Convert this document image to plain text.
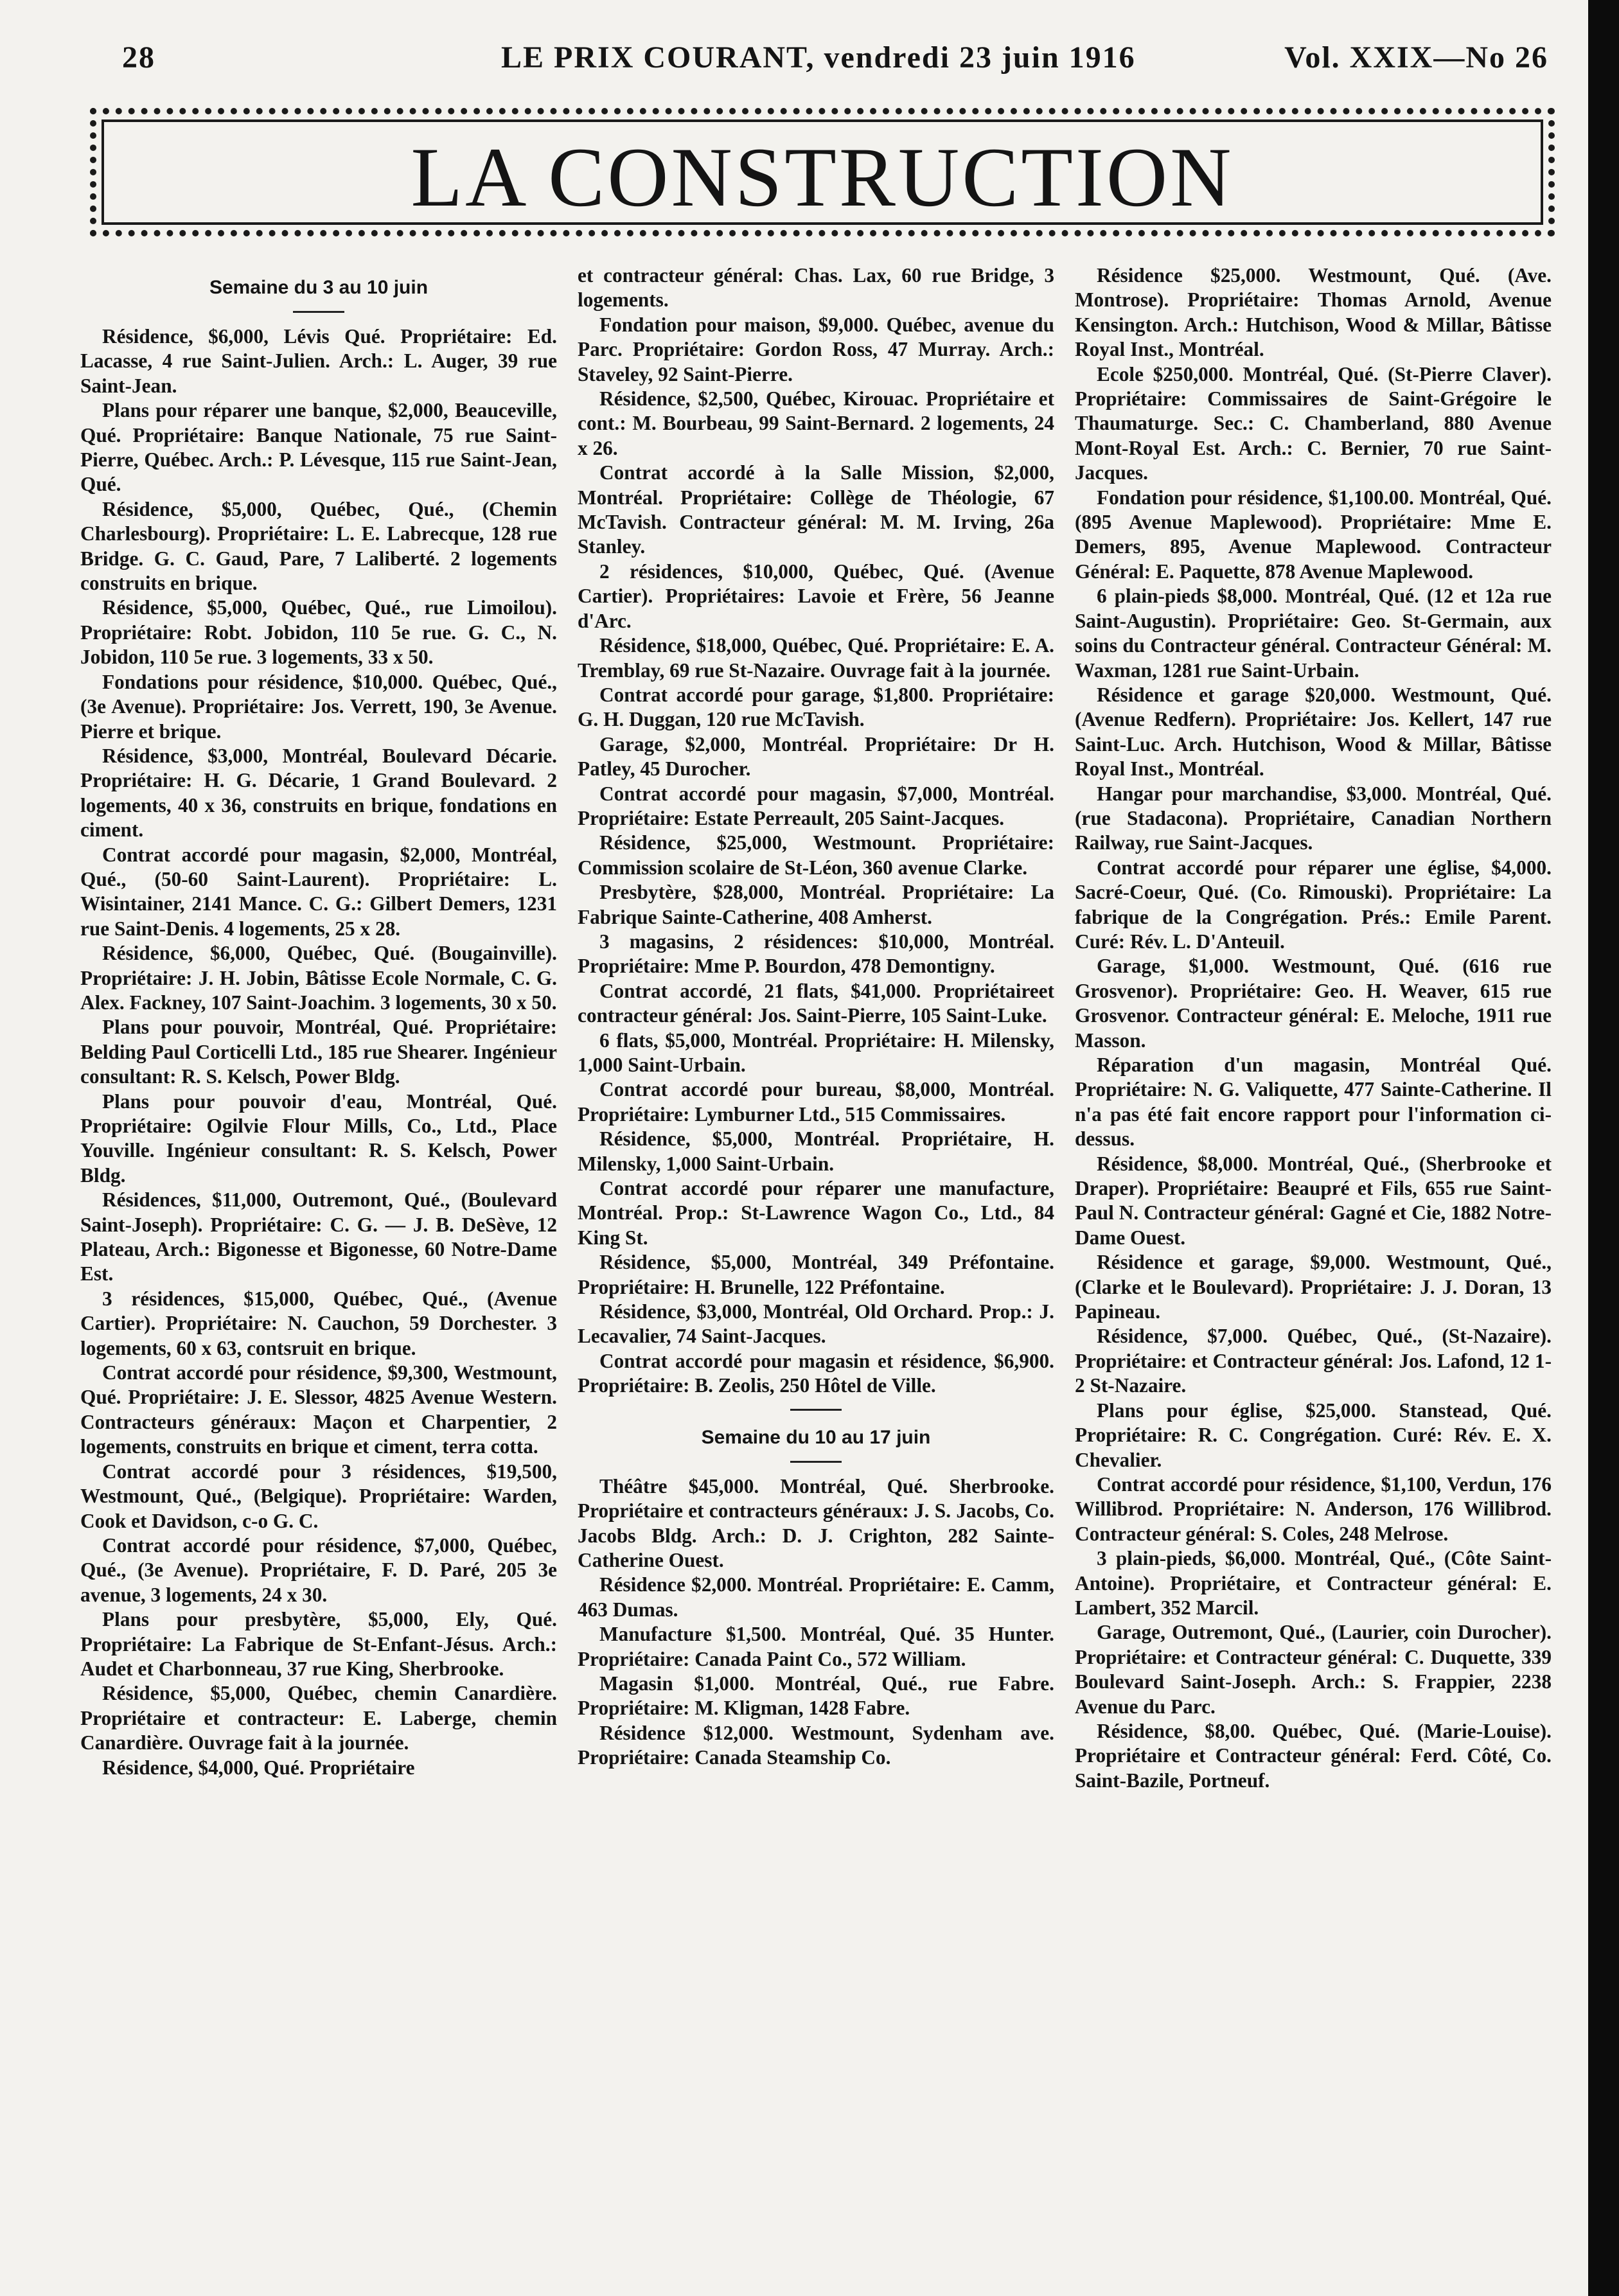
28	LE PRIX COURANT, vendredi 23 juin 1916	Vol. XXIX—No 26
LA CONSTRUCTION
Semaine du 3 au 10 juin

Résidence, $6,000, Lévis Qué. Propriétaire: Ed. Lacasse, 4 rue Saint-Julien. Arch.: L. Auger, 39 rue Saint-Jean.

Plans pour réparer une banque, $2,000, Beauceville, Qué. Propriétaire: Banque Nationale, 75 rue Saint-Pierre, Québec. Arch.: P. Lévesque, 115 rue Saint-Jean, Qué.

Résidence, $5,000, Québec, Qué., (Chemin Charlesbourg). Propriétaire: L. E. Labrecque, 128 rue Bridge. G. C. Gaud, Pare, 7 Laliberté. 2 logements construits en brique.

Résidence, $5,000, Québec, Qué., rue Limoilou). Propriétaire: Robt. Jobidon, 110 5e rue. G. C., N. Jobidon, 110 5e rue. 3 logements, 33 x 50.

Fondations pour résidence, $10,000. Québec, Qué., (3e Avenue). Propriétaire: Jos. Verrett, 190, 3e Avenue. Pierre et brique.

Résidence, $3,000, Montréal, Boulevard Décarie. Propriétaire: H. G. Décarie, 1 Grand Boulevard. 2 logements, 40 x 36, construits en brique, fondations en ciment.

Contrat accordé pour magasin, $2,000, Montréal, Qué., (50-60 Saint-Laurent). Propriétaire: L. Wisintainer, 2141 Mance. C. G.: Gilbert Demers, 1231 rue Saint-Denis. 4 logements, 25 x 28.

Résidence, $6,000, Québec, Qué. (Bougainville). Propriétaire: J. H. Jobin, Bâtisse Ecole Normale, C. G. Alex. Fackney, 107 Saint-Joachim. 3 logements, 30 x 50.

Plans pour pouvoir, Montréal, Qué. Propriétaire: Belding Paul Corticelli Ltd., 185 rue Shearer. Ingénieur consultant: R. S. Kelsch, Power Bldg.

Plans pour pouvoir d'eau, Montréal, Qué. Propriétaire: Ogilvie Flour Mills, Co., Ltd., Place Youville. Ingénieur consultant: R. S. Kelsch, Power Bldg.

Résidences, $11,000, Outremont, Qué., (Boulevard Saint-Joseph). Propriétaire: C. G. — J. B. DeSève, 12 Plateau, Arch.: Bigonesse et Bigonesse, 60 Notre-Dame Est.

3 résidences, $15,000, Québec, Qué., (Avenue Cartier). Propriétaire: N. Cauchon, 59 Dorchester. 3 logements, 60 x 63, contsruit en brique.

Contrat accordé pour résidence, $9,300, Westmount, Qué. Propriétaire: J. E. Slessor, 4825 Avenue Western. Contracteurs généraux: Maçon et Charpentier, 2 logements, construits en brique et ciment, terra cotta.

Contrat accordé pour 3 résidences, $19,500, Westmount, Qué., (Belgique). Propriétaire: Warden, Cook et Davidson, c-o G. C.

Contrat accordé pour résidence, $7,000, Québec, Qué., (3e Avenue). Propriétaire, F. D. Paré, 205 3e avenue, 3 logements, 24 x 30.

Plans pour presbytère, $5,000, Ely, Qué. Propriétaire: La Fabrique de St-Enfant-Jésus. Arch.: Audet et Charbonneau, 37 rue King, Sherbrooke.

Résidence, $5,000, Québec, chemin Canardière. Propriétaire et contracteur: E. Laberge, chemin Canardière. Ouvrage fait à la journée.

Résidence, $4,000, Qué. Propriétaire

et contracteur général: Chas. Lax, 60 rue Bridge, 3 logements.

Fondation pour maison, $9,000. Québec, avenue du Parc. Propriétaire: Gordon Ross, 47 Murray. Arch.: Staveley, 92 Saint-Pierre.

Résidence, $2,500, Québec, Kirouac. Propriétaire et cont.: M. Bourbeau, 99 Saint-Bernard. 2 logements, 24 x 26.

Contrat accordé à la Salle Mission, $2,000, Montréal. Propriétaire: Collège de Théologie, 67 McTavish. Contracteur général: M. M. Irving, 26a Stanley.

2 résidences, $10,000, Québec, Qué. (Avenue Cartier). Propriétaires: Lavoie et Frère, 56 Jeanne d'Arc.

Résidence, $18,000, Québec, Qué. Propriétaire: E. A. Tremblay, 69 rue St-Nazaire. Ouvrage fait à la journée.

Contrat accordé pour garage, $1,800. Propriétaire: G. H. Duggan, 120 rue McTavish.

Garage, $2,000, Montréal. Propriétaire: Dr H. Patley, 45 Durocher.

Contrat accordé pour magasin, $7,000, Montréal. Propriétaire: Estate Perreault, 205 Saint-Jacques.

Résidence, $25,000, Westmount. Propriétaire: Commission scolaire de St-Léon, 360 avenue Clarke.

Presbytère, $28,000, Montréal. Propriétaire: La Fabrique Sainte-Catherine, 408 Amherst.

3 magasins, 2 résidences: $10,000, Montréal. Propriétaire: Mme P. Bourdon, 478 Demontigny.

Contrat accordé, 21 flats, $41,000. Propriétaireet contracteur général: Jos. Saint-Pierre, 105 Saint-Luke.

6 flats, $5,000, Montréal. Propriétaire: H. Milensky, 1,000 Saint-Urbain.

Contrat accordé pour bureau, $8,000, Montréal. Propriétaire: Lymburner Ltd., 515 Commissaires.

Résidence, $5,000, Montréal. Propriétaire, H. Milensky, 1,000 Saint-Urbain.

Contrat accordé pour réparer une manufacture, Montréal. Prop.: St-Lawrence Wagon Co., Ltd., 84 King St.

Résidence, $5,000, Montréal, 349 Préfontaine. Propriétaire: H. Brunelle, 122 Préfontaine.

Résidence, $3,000, Montréal, Old Orchard. Prop.: J. Lecavalier, 74 Saint-Jacques.

Contrat accordé pour magasin et résidence, $6,900. Propriétaire: B. Zeolis, 250 Hôtel de Ville.

Semaine du 10 au 17 juin

Théâtre $45,000. Montréal, Qué. Sherbrooke. Propriétaire et contracteurs généraux: J. S. Jacobs, Co. Jacobs Bldg. Arch.: D. J. Crighton, 282 Sainte-Catherine Ouest.

Résidence $2,000. Montréal. Propriétaire: E. Camm, 463 Dumas.

Manufacture $1,500. Montréal, Qué. 35 Hunter. Propriétaire: Canada Paint Co., 572 William.

Magasin $1,000. Montréal, Qué., rue Fabre. Propriétaire: M. Kligman, 1428 Fabre.

Résidence $12,000. Westmount, Sydenham ave. Propriétaire: Canada Steamship Co.

Résidence $25,000. Westmount, Qué. (Ave. Montrose). Propriétaire: Thomas Arnold, Avenue Kensington. Arch.: Hutchison, Wood & Millar, Bâtisse Royal Inst., Montréal.

Ecole $250,000. Montréal, Qué. (St-Pierre Claver). Propriétaire: Commissaires de Saint-Grégoire le Thaumaturge. Sec.: C. Chamberland, 880 Avenue Mont-Royal Est. Arch.: C. Bernier, 70 rue Saint-Jacques.

Fondation pour résidence, $1,100.00. Montréal, Qué. (895 Avenue Maplewood). Propriétaire: Mme E. Demers, 895, Avenue Maplewood. Contracteur Général: E. Paquette, 878 Avenue Maplewood.

6 plain-pieds $8,000. Montréal, Qué. (12 et 12a rue Saint-Augustin). Propriétaire: Geo. St-Germain, aux soins du Contracteur général. Contracteur Général: M. Waxman, 1281 rue Saint-Urbain.

Résidence et garage $20,000. Westmount, Qué. (Avenue Redfern). Propriétaire: Jos. Kellert, 147 rue Saint-Luc. Arch. Hutchison, Wood & Millar, Bâtisse Royal Inst., Montréal.

Hangar pour marchandise, $3,000. Montréal, Qué. (rue Stadacona). Propriétaire, Canadian Northern Railway, rue Saint-Jacques.

Contrat accordé pour réparer une église, $4,000. Sacré-Coeur, Qué. (Co. Rimouski). Propriétaire: La fabrique de la Congrégation. Prés.: Emile Parent. Curé: Rév. L. D'Anteuil.

Garage, $1,000. Westmount, Qué. (616 rue Grosvenor). Propriétaire: Geo. H. Weaver, 615 rue Grosvenor. Contracteur général: E. Meloche, 1911 rue Masson.

Réparation d'un magasin, Montréal Qué. Propriétaire: N. G. Valiquette, 477 Sainte-Catherine. Il n'a pas été fait encore rapport pour l'information ci-dessus.

Résidence, $8,000. Montréal, Qué., (Sherbrooke et Draper). Propriétaire: Beaupré et Fils, 655 rue Saint-Paul N. Contracteur général: Gagné et Cie, 1882 Notre-Dame Ouest.

Résidence et garage, $9,000. Westmount, Qué., (Clarke et le Boulevard). Propriétaire: J. J. Doran, 13 Papineau.

Résidence, $7,000. Québec, Qué., (St-Nazaire). Propriétaire: et Contracteur général: Jos. Lafond, 12 1-2 St-Nazaire.

Plans pour église, $25,000. Stanstead, Qué. Propriétaire: R. C. Congrégation. Curé: Rév. E. X. Chevalier.

Contrat accordé pour résidence, $1,100, Verdun, 176 Willibrod. Propriétaire: N. Anderson, 176 Willibrod. Contracteur général: S. Coles, 248 Melrose.

3 plain-pieds, $6,000. Montréal, Qué., (Côte Saint-Antoine). Propriétaire, et Contracteur général: E. Lambert, 352 Marcil.

Garage, Outremont, Qué., (Laurier, coin Durocher). Propriétaire: et Contracteur général: C. Duquette, 339 Boulevard Saint-Joseph. Arch.: S. Frappier, 2238 Avenue du Parc.

Résidence, $8,00. Québec, Qué. (Marie-Louise). Propriétaire et Contracteur général: Ferd. Côté, Co. Saint-Bazile, Portneuf.
